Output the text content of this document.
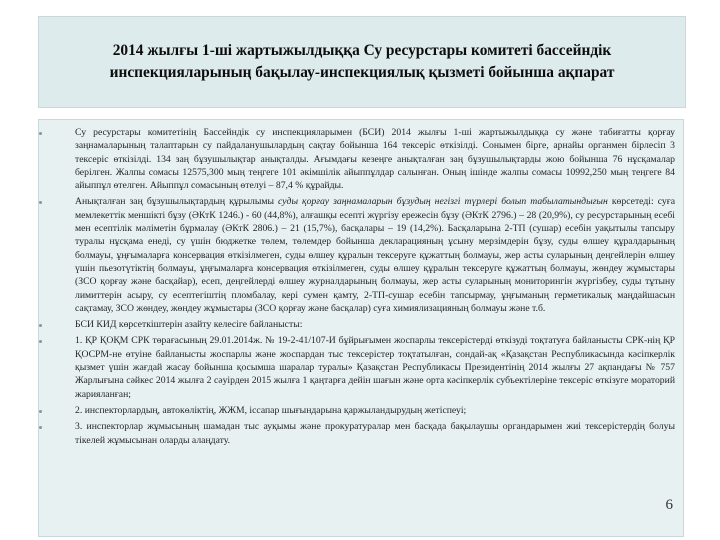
2014 жылғы 1-ші жартыжылдыққа Су ресурстары комитеті бассейндік инспекцияларының бақылау-инспекциялық қызметі бойынша ақпарат
Су ресурстары комитетінің Бассейндік су инспекцияларымен (БСИ) 2014 жылғы 1-ші жартыжылдыққа су және табиғатты қорғау заңнамаларының талаптарын су пайдаланушылардың сақтау бойынша 164 тексеріс өткізілді. Сонымен бірге, арнайы органмен бірлесіп 3 тексеріс өткізілді. 134 заң бұзушылықтар анықталды. Ағымдағы кезеңге анықталған заң бұзушылықтарды жою бойынша 76 нұсқамалар берілген. Жалпы сомасы 12575,300 мың теңгеге 101 әкімшілік айыппұлдар салынған. Оның ішінде жалпы сомасы 10992,250 мың теңгеге 84 айыппұл өтелген. Айыппұл сомасының өтелуі – 87,4 % құрайды.
Анықталған заң бұзушылықтардың құрылымы суды қорғау заңнамаларын бұзудың негізгі түрлері болып табылатындығын көрсетеді: суға мемлекеттік меншікті бұзу (ӘКтК 1246.) - 60 (44,8%), алғашқы есепті жүргізу ережесін бұзу (ӘКтК 2796.) – 28 (20,9%), су ресурстарының есебі мен есептілік мәліметін бұрмалау (ӘКтК 2806.) – 21 (15,7%), басқалары – 19 (14,2%). Басқаларына 2-ТП (сушар) есебін уақытылы тапсыру туралы нұсқама енеді, су үшін бюджетке төлем, төлемдер бойынша декларацияның ұсыну мерзімдерін бұзу, суды өлшеу құралдарының болмауы, ұңғымаларға консервация өткізілмеген, суды өлшеу құралын тексеруге құжаттың болмауы, жер асты суларының деңгейлерін өлшеу үшін пьезотүтіктің болмауы, ұңғымаларға консервация өткізілмеген, суды өлшеу құралын тексеруге құжаттың болмауы, жөндеу жұмыстары (ЗСО қорғау және басқайар), есеп, деңгейлерді өлшеу журналдарының болмауы, жер асты суларының мониторингін жүргізбеу, суды тұтыну лимиттерін асыру, су есептегіштің пломбалау, кері сумен қамту, 2-ТП-сушар есебін тапсырмау, ұңғыманың герметикалық маңдайшасын сақтамау, ЗСО жөндеу, жөндеу жұмыстары (ЗСО қорғау және басқалар) суға химиялизацияның болмауы және т.б.
БСИ КИД көрсеткіштерін азайту келесіге байланысты:
1. ҚР ҚОҚМ СРК төрағасының 29.01.2014ж. № 19-2-41/107-И бұйрығымен жоспарлы тексерістерді өткізуді тоқтатуға байланысты СРК-нің ҚР ҚОСРМ-не өтуіне байланысты жоспарлы және жоспардан тыс тексерістер тоқтатылған, сондай-ақ «Қазақстан Республикасында кәсіпкерлік қызмет үшін жағдай жасау бойынша қосымша шаралар туралы» Қазақстан Республикасы Президентінің 2014 жылғы 27 ақпандағы № 757 Жарлығына сәйкес 2014 жылға 2 сәуірден 2015 жылға 1 қаңтарға дейін шағын және орта кәсіпкерлік субъектілеріне тексеріс өткізуге мораторий жарияланған;
2. инспекторлардың, автокөліктің, ЖЖМ, іссапар шығындарына қаржыландырудың жетіспеуі;
3. инспекторлар жұмысының шамадан тыс ауқымы және прокуратуралар мен басқада бақылаушы органдарымен жиі тексерістердің болуы тікелей жұмысынан оларды алаңдату.
6
